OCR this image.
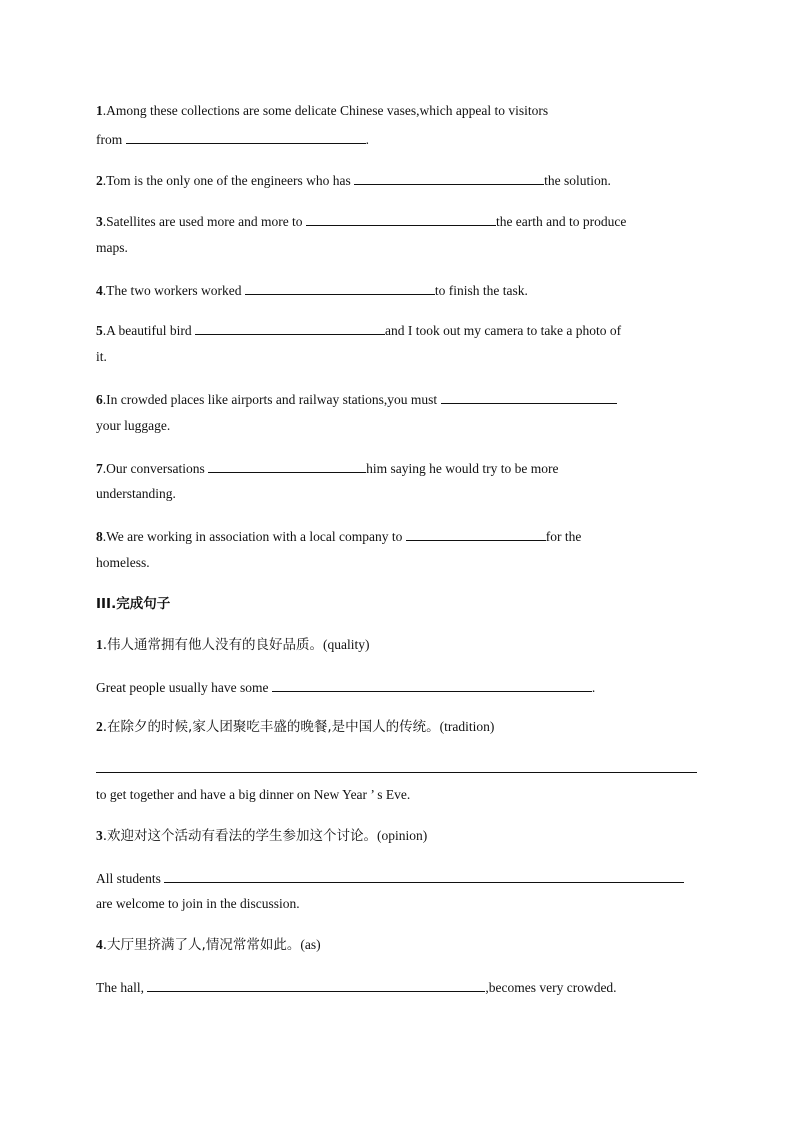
1.Among these collections are some delicate Chinese vases,which appeal to visitors
from	.
2.Tom is the only one of the engineers who has	the solution.
3.Satellites are used more and more to	the earth and to produce
maps.
4.The two workers worked	to finish the task.
5.A beautiful bird	and I took out my camera to take a photo of
it.
6.In crowded places like airports and railway stations,you must
your luggage.
7.Our conversations	him saying he would try to be more
understanding.
8.We are working in association with a local company to	for the
homeless.
III.完成句子
1.伟人通常拥有他人没有的良好品质。(quality)
Great people usually have some	.
2.在除夕的时候,家人团聚吃丰盛的晚餐,是中国人的传统。(tradition)
to get together and have a big dinner on New Year ’ s Eve.
3.欢迎对这个活动有看法的学生参加这个讨论。(opinion)
All students
are welcome to join in the discussion.
4.大厅里挤满了人,情况常常如此。(as)
The hall,	,becomes very crowded.
